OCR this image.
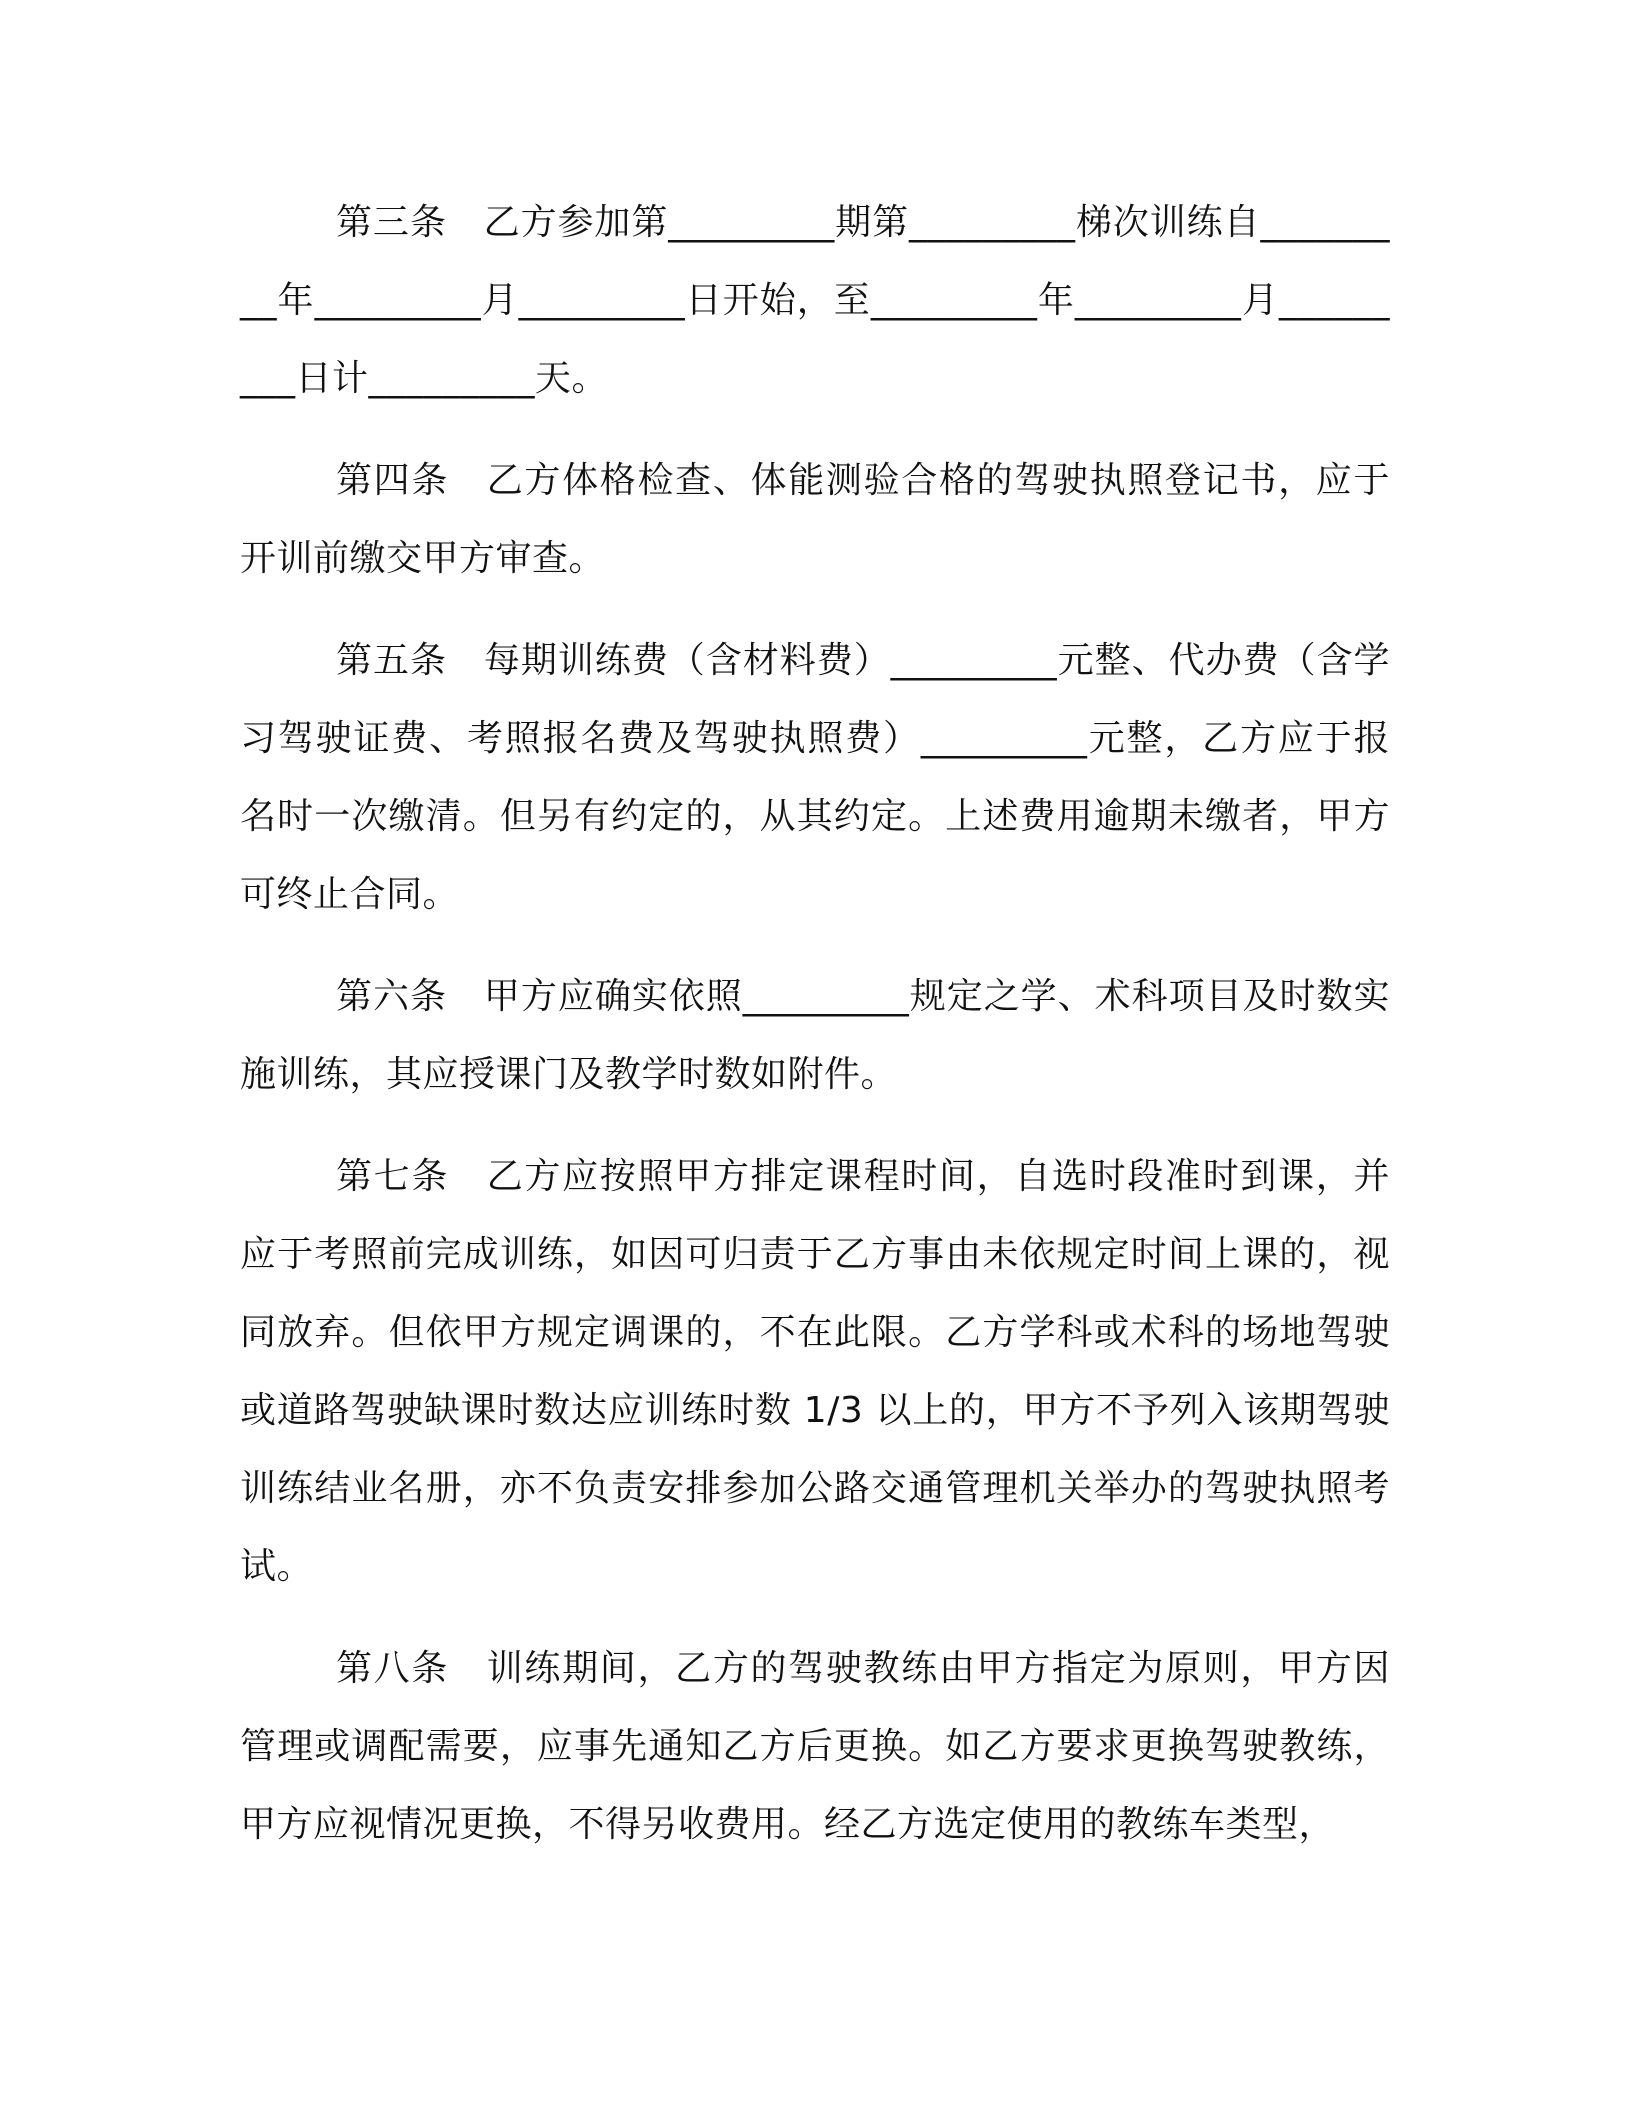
第三条　乙方参加第_________期第_________梯次训练自_________年_________月_________日开始，至_________年_________月_________日计_________天。

第四条　乙方体格检查、体能测验合格的驾驶执照登记书，应于开训前缴交甲方审查。

第五条　每期训练费（含材料费）_________元整、代办费（含学习驾驶证费、考照报名费及驾驶执照费）_________元整，乙方应于报名时一次缴清。但另有约定的，从其约定。上述费用逾期未缴者，甲方可终止合同。

第六条　甲方应确实依照_________规定之学、术科项目及时数实施训练，其应授课门及教学时数如附件。

第七条　乙方应按照甲方排定课程时间，自选时段准时到课，并应于考照前完成训练，如因可归责于乙方事由未依规定时间上课的，视同放弃。但依甲方规定调课的，不在此限。乙方学科或术科的场地驾驶或道路驾驶缺课时数达应训练时数 1/3 以上的，甲方不予列入该期驾驶训练结业名册，亦不负责安排参加公路交通管理机关举办的驾驶执照考试。

第八条　训练期间，乙方的驾驶教练由甲方指定为原则，甲方因管理或调配需要，应事先通知乙方后更换。如乙方要求更换驾驶教练，甲方应视情况更换，不得另收费用。经乙方选定使用的教练车类型，
